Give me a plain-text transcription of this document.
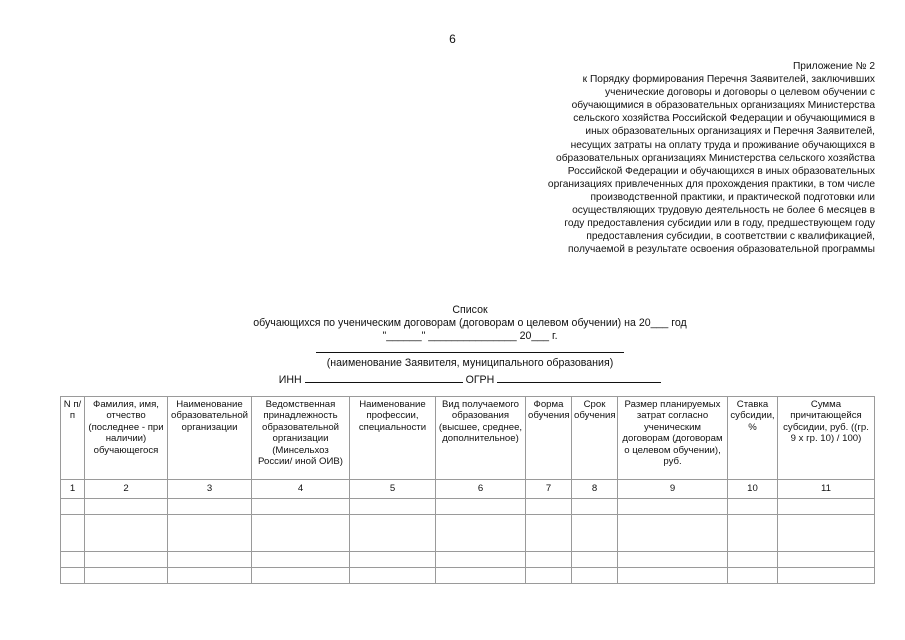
6
Приложение № 2
к Порядку формирования Перечня Заявителей, заключивших
ученические договоры и договоры о целевом обучении с
обучающимися в образовательных организациях Министерства
сельского хозяйства Российской Федерации и обучающимися в
иных образовательных организациях и Перечня Заявителей,
несущих затраты на оплату труда и проживание обучающихся в
образовательных организациях Министерства сельского хозяйства
Российской Федерации и обучающихся в иных образовательных
организациях привлеченных для прохождения практики, в том числе
производственной практики, и практической подготовки или
осуществляющих трудовую деятельность не более 6 месяцев в
году предоставления субсидии или в году, предшествующем году
предоставления субсидии, в соответствии с квалификацией,
получаемой в результате освоения образовательной программы
Список
обучающихся по ученическим договорам (договорам о целевом обучении) на 20___ год
"______" _______________ 20___ г.
(наименование Заявителя, муниципального образования)
ИНН	ОГРН
N п/п	Фамилия, имя, отчество (последнее - при наличии) обучающегося	Наименование образовательной организации	Ведомственная принадлежность образовательной организации (Минсельхоз России/ иной ОИВ)	Наименование профессии, специальности	Вид получаемого образования (высшее, среднее, дополнительное)	Форма обучения	Срок обучения	Размер планируемых затрат согласно ученическим договорам (договорам о целевом обучении), руб.	Ставка субсидии, %	Сумма причитающейся субсидии, руб. ((гр. 9 x гр. 10) / 100)
1	2	3	4	5	6	7	8	9	10	11
